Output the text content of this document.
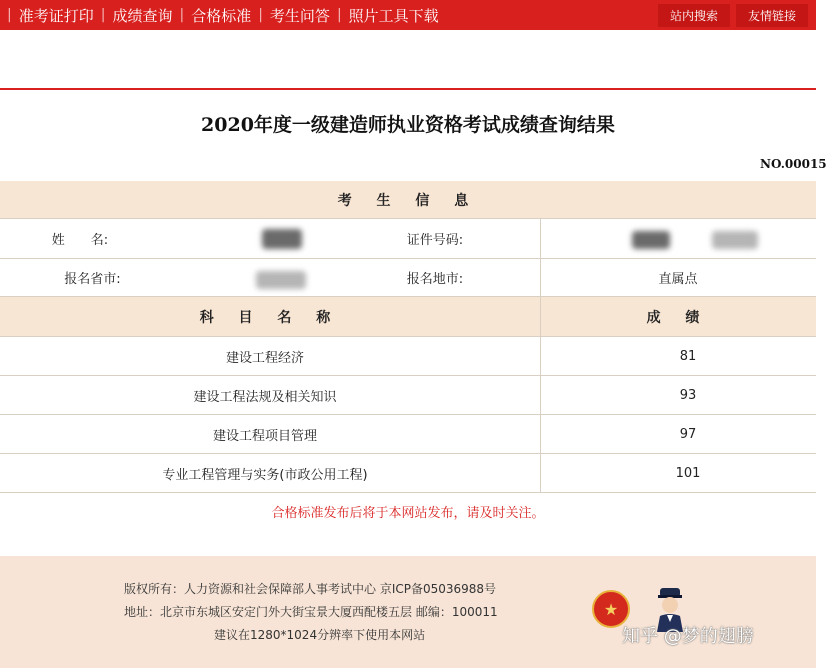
| 准考证打印 | 成绩查询 | 合格标准 | 考生问答 | 照片工具下载	站内搜索	友情链接
2020年度一级建造师执业资格考试成绩查询结果
NO.00015
考 生 信 息
姓　　名:	证件号码:
报名省市:	报名地市:	直属点
科 目 名 称	成 绩
建设工程经济	81
建设工程法规及相关知识	93
建设工程项目管理	97
专业工程管理与实务(市政公用工程)	101
合格标准发布后将于本网站发布，请及时关注。
版权所有：人力资源和社会保障部人事考试中心 京ICP备05036988号
地址：北京市东城区安定门外大街宝景大厦西配楼五层 邮编：100011
建议在1280*1024分辨率下使用本网站
★
知乎 @梦的翅膀
